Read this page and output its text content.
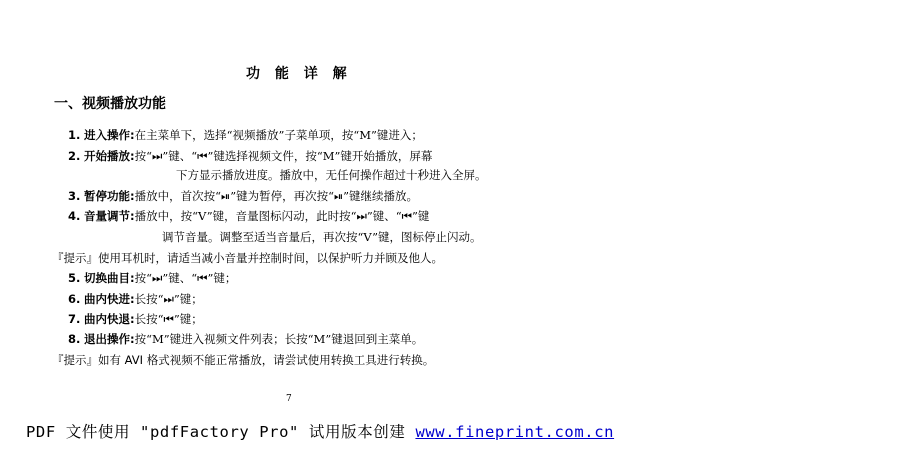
功 能 详 解
一、视频播放功能
1. 进入操作:在主菜单下，选择“视频播放”子菜单项，按“M”键进入；
2. 开始播放:按“⏭”键、“⏮”键选择视频文件，按“M”键开始播放，屏幕
下方显示播放进度。播放中，无任何操作超过十秒进入全屏。
3. 暂停功能:播放中，首次按“⏯”键为暂停，再次按“⏯”键继续播放。
4. 音量调节:播放中，按“V”键，音量图标闪动，此时按“⏭”键、“⏮”键
调节音量。调整至适当音量后，再次按“V”键，图标停止闪动。
『提示』使用耳机时，请适当减小音量并控制时间，以保护听力并顾及他人。
5. 切换曲目:按“⏭”键、“⏮”键；
6. 曲内快进:长按“⏭”键；
7. 曲内快退:长按“⏮”键；
8. 退出操作:按“M”键进入视频文件列表；长按“M”键退回到主菜单。
『提示』如有 AVI 格式视频不能正常播放，请尝试使用转换工具进行转换。
7
PDF 文件使用 "pdfFactory Pro" 试用版本创建 www.fineprint.com.cn
